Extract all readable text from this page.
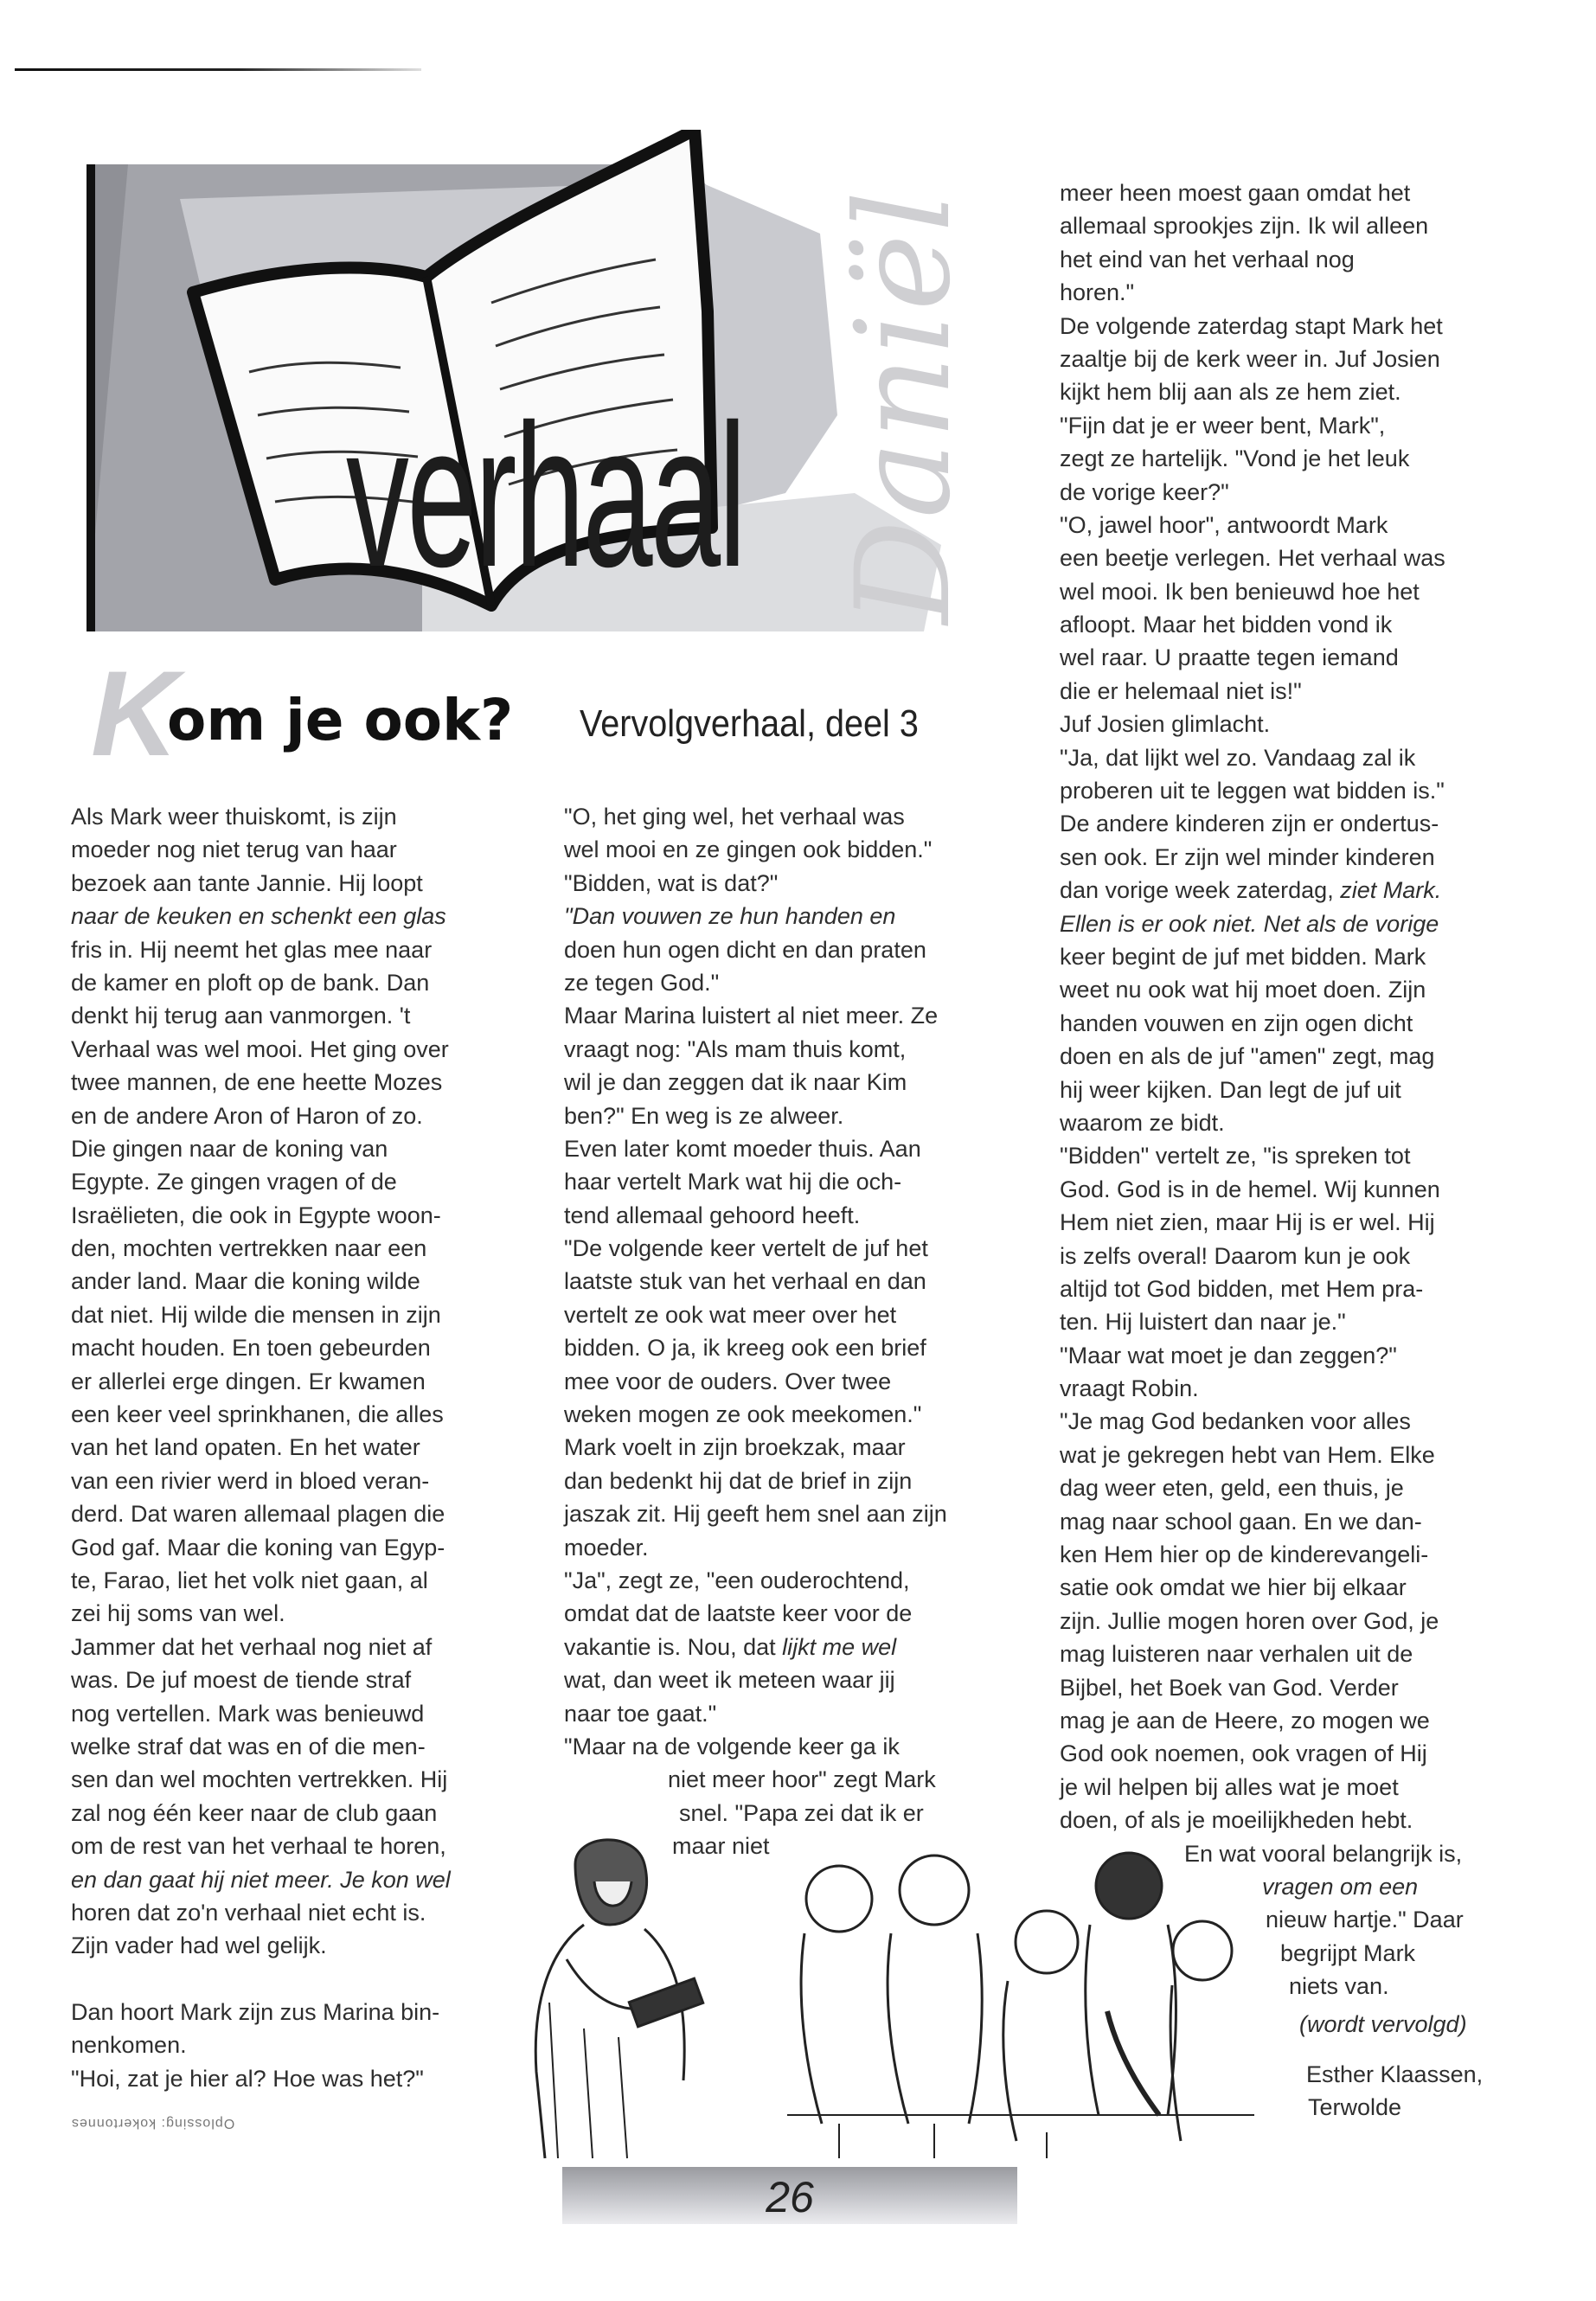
verhaal Daniël
K
om je ook? Vervolgverhaal, deel 3
Als Mark weer thuiskomt, is zijn
moeder nog niet terug van haar
bezoek aan tante Jannie. Hij loopt
naar de keuken en schenkt een glas
fris in. Hij neemt het glas mee naar
de kamer en ploft op de bank. Dan
denkt hij terug aan vanmorgen. 't
Verhaal was wel mooi. Het ging over
twee mannen, de ene heette Mozes
en de andere Aron of Haron of zo.
Die gingen naar de koning van
Egypte. Ze gingen vragen of de
Israëlieten, die ook in Egypte woon-
den, mochten vertrekken naar een
ander land. Maar die koning wilde
dat niet. Hij wilde die mensen in zijn
macht houden. En toen gebeurden
er allerlei erge dingen. Er kwamen
een keer veel sprinkhanen, die alles
van het land opaten. En het water
van een rivier werd in bloed veran-
derd. Dat waren allemaal plagen die
God gaf. Maar die koning van Egyp-
te, Farao, liet het volk niet gaan, al
zei hij soms van wel.
Jammer dat het verhaal nog niet af
was. De juf moest de tiende straf
nog vertellen. Mark was benieuwd
welke straf dat was en of die men-
sen dan wel mochten vertrekken. Hij
zal nog één keer naar de club gaan
om de rest van het verhaal te horen,
en dan gaat hij niet meer. Je kon wel
horen dat zo'n verhaal niet echt is.
Zijn vader had wel gelijk.
Dan hoort Mark zijn zus Marina bin-
nenkomen.
"Hoi, zat je hier al? Hoe was het?"
"O, het ging wel, het verhaal was
wel mooi en ze gingen ook bidden."
"Bidden, wat is dat?"
"Dan vouwen ze hun handen en
doen hun ogen dicht en dan praten
ze tegen God."
Maar Marina luistert al niet meer. Ze
vraagt nog: "Als mam thuis komt,
wil je dan zeggen dat ik naar Kim
ben?" En weg is ze alweer.
Even later komt moeder thuis. Aan
haar vertelt Mark wat hij die och-
tend allemaal gehoord heeft.
"De volgende keer vertelt de juf het
laatste stuk van het verhaal en dan
vertelt ze ook wat meer over het
bidden. O ja, ik kreeg ook een brief
mee voor de ouders. Over twee
weken mogen ze ook meekomen."
Mark voelt in zijn broekzak, maar
dan bedenkt hij dat de brief in zijn
jaszak zit. Hij geeft hem snel aan zijn
moeder.
"Ja", zegt ze, "een ouderochtend,
omdat dat de laatste keer voor de
vakantie is. Nou, dat lijkt me wel
wat, dan weet ik meteen waar jij
naar toe gaat."
"Maar na de volgende keer ga ik
niet meer hoor" zegt Mark
snel. "Papa zei dat ik er
maar niet
meer heen moest gaan omdat het
allemaal sprookjes zijn. Ik wil alleen
het eind van het verhaal nog
horen."
De volgende zaterdag stapt Mark het
zaaltje bij de kerk weer in. Juf Josien
kijkt hem blij aan als ze hem ziet.
"Fijn dat je er weer bent, Mark",
zegt ze hartelijk. "Vond je het leuk
de vorige keer?"
"O, jawel hoor", antwoordt Mark
een beetje verlegen. Het verhaal was
wel mooi. Ik ben benieuwd hoe het
afloopt. Maar het bidden vond ik
wel raar. U praatte tegen iemand
die er helemaal niet is!"
Juf Josien glimlacht.
"Ja, dat lijkt wel zo. Vandaag zal ik
proberen uit te leggen wat bidden is."
De andere kinderen zijn er ondertus-
sen ook. Er zijn wel minder kinderen
dan vorige week zaterdag, ziet Mark.
Ellen is er ook niet. Net als de vorige
keer begint de juf met bidden. Mark
weet nu ook wat hij moet doen. Zijn
handen vouwen en zijn ogen dicht
doen en als de juf "amen" zegt, mag
hij weer kijken. Dan legt de juf uit
waarom ze bidt.
"Bidden" vertelt ze, "is spreken tot
God. God is in de hemel. Wij kunnen
Hem niet zien, maar Hij is er wel. Hij
is zelfs overal! Daarom kun je ook
altijd tot God bidden, met Hem pra-
ten. Hij luistert dan naar je."
"Maar wat moet je dan zeggen?"
vraagt Robin.
"Je mag God bedanken voor alles
wat je gekregen hebt van Hem. Elke
dag weer eten, geld, een thuis, je
mag naar school gaan. En we dan-
ken Hem hier op de kinderevangeli-
satie ook omdat we hier bij elkaar
zijn. Jullie mogen horen over God, je
mag luisteren naar verhalen uit de
Bijbel, het Boek van God. Verder
mag je aan de Heere, zo mogen we
God ook noemen, ook vragen of Hij
je wil helpen bij alles wat je moet
doen, of als je moeilijkheden hebt.
En wat vooral belangrijk is,
vragen om een
nieuw hartje." Daar
begrijpt Mark
niets van.
(wordt vervolgd)
Esther Klaassen,
Terwolde
Oplossing: kokertonnes
26
